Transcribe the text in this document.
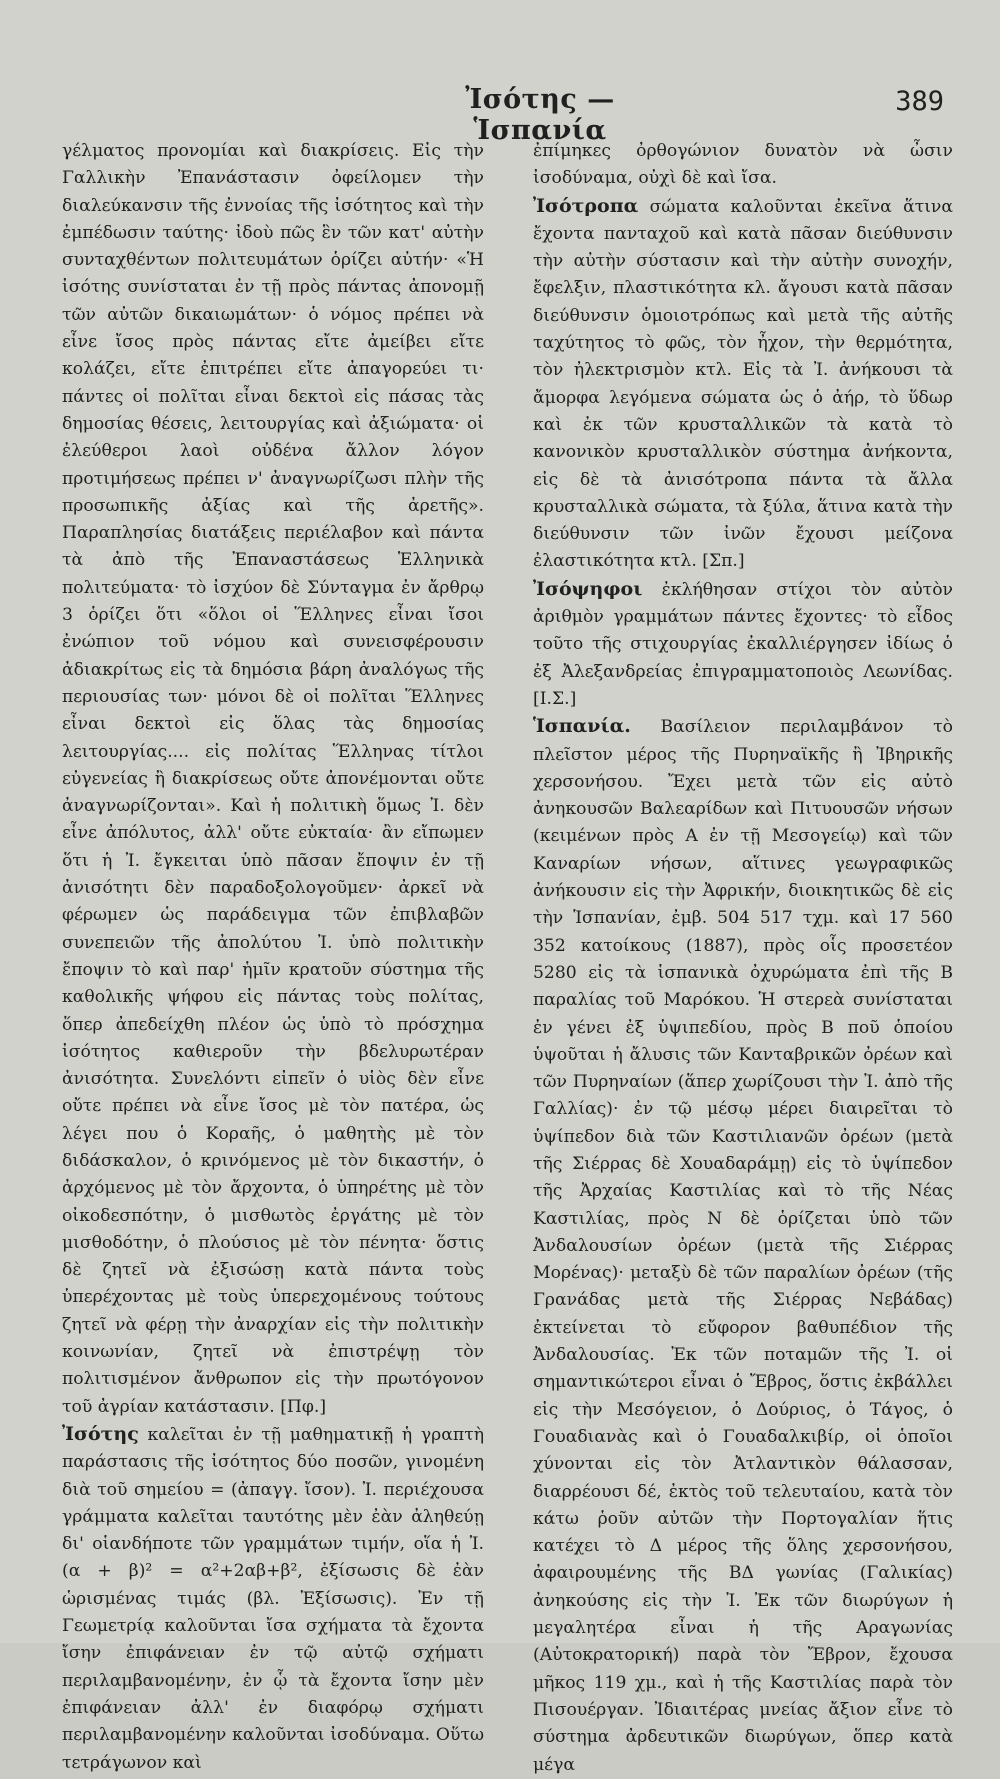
Ἰσότης — Ἱσπανία
389

γέλματος προνομίαι καὶ διακρίσεις. Εἰς τὴν Γαλλικὴν Ἐπανάστασιν ὀφείλομεν τὴν διαλεύκανσιν τῆς ἐννοίας τῆς ἰσότητος καὶ τὴν ἐμπέδωσιν ταύτης· ἰδοὺ πῶς ἓν τῶν κατ' αὐτὴν συνταχθέντων πολιτευμάτων ὁρίζει αὐτήν· «Ἡ ἰσότης συνίσταται ἐν τῇ πρὸς πάντας ἀπονομῇ τῶν αὐτῶν δικαιωμάτων· ὁ νόμος πρέπει νὰ εἶνε ἴσος πρὸς πάντας εἴτε ἀμείβει εἴτε κολάζει, εἴτε ἐπιτρέπει εἴτε ἀπαγορεύει τι· πάντες οἱ πολῖται εἶναι δεκτοὶ εἰς πάσας τὰς δημοσίας θέσεις, λειτουργίας καὶ ἀξιώματα· οἱ ἐλεύθεροι λαοὶ οὐδένα ἄλλον λόγον προτιμήσεως πρέπει ν' ἀναγνωρίζωσι πλὴν τῆς προσωπικῆς ἀξίας καὶ τῆς ἀρετῆς». Παραπλησίας διατάξεις περιέλαβον καὶ πάντα τὰ ἀπὸ τῆς Ἐπαναστάσεως Ἑλληνικὰ πολιτεύματα· τὸ ἰσχύον δὲ Σύνταγμα ἐν ἄρθρῳ 3 ὁρίζει ὅτι «ὅλοι οἱ Ἕλληνες εἶναι ἴσοι ἐνώπιον τοῦ νόμου καὶ συνεισφέρουσιν ἀδιακρίτως εἰς τὰ δημόσια βάρη ἀναλόγως τῆς περιουσίας των· μόνοι δὲ οἱ πολῖται Ἕλληνες εἶναι δεκτοὶ εἰς ὅλας τὰς δημοσίας λειτουργίας.... εἰς πολίτας Ἕλληνας τίτλοι εὐγενείας ἢ διακρίσεως οὔτε ἀπονέμονται οὔτε ἀναγνωρίζονται». Καὶ ἡ πολιτικὴ ὅμως Ἰ. δὲν εἶνε ἀπόλυτος, ἀλλ' οὔτε εὐκταία· ἂν εἴπωμεν ὅτι ἡ Ἰ. ἔγκειται ὑπὸ πᾶσαν ἔποψιν ἐν τῇ ἀνισότητι δὲν παραδοξολογοῦμεν· ἀρκεῖ νὰ φέρωμεν ὡς παράδειγμα τῶν ἐπιβλαβῶν συνεπειῶν τῆς ἀπολύτου Ἰ. ὑπὸ πολιτικὴν ἔποψιν τὸ καὶ παρ' ἡμῖν κρατοῦν σύστημα τῆς καθολικῆς ψήφου εἰς πάντας τοὺς πολίτας, ὅπερ ἀπεδείχθη πλέον ὡς ὑπὸ τὸ πρόσχημα ἰσότητος καθιεροῦν τὴν βδελυρωτέραν ἀνισότητα. Συνελόντι εἰπεῖν ὁ υἱὸς δὲν εἶνε οὔτε πρέπει νὰ εἶνε ἴσος μὲ τὸν πατέρα, ὡς λέγει που ὁ Κοραῆς, ὁ μαθητὴς μὲ τὸν διδάσκαλον, ὁ κρινόμενος μὲ τὸν δικαστήν, ὁ ἀρχόμενος μὲ τὸν ἄρχοντα, ὁ ὑπηρέτης μὲ τὸν οἰκοδεσπότην, ὁ μισθωτὸς ἐργάτης μὲ τὸν μισθοδότην, ὁ πλούσιος μὲ τὸν πένητα· ὅστις δὲ ζητεῖ νὰ ἐξισώσῃ κατὰ πάντα τοὺς ὑπερέχοντας μὲ τοὺς ὑπερεχομένους τούτους ζητεῖ νὰ φέρῃ τὴν ἀναρχίαν εἰς τὴν πολιτικὴν κοινωνίαν, ζητεῖ νὰ ἐπιστρέψῃ τὸν πολιτισμένον ἄνθρωπον εἰς τὴν πρωτόγονον τοῦ ἀγρίαν κατάστασιν. [Πφ.]

Ἰσότης καλεῖται ἐν τῇ μαθηματικῇ ἡ γραπτὴ παράστασις τῆς ἰσότητος δύο ποσῶν, γινομένη διὰ τοῦ σημείου = (ἀπαγγ. ἴσον). Ἰ. περιέχουσα γράμματα καλεῖται ταυτότης μὲν ἐὰν ἀληθεύῃ δι' οἱανδήποτε τῶν γραμμάτων τιμήν, οἵα ἡ Ἰ. (α + β)² = α²+2αβ+β², ἐξίσωσις δὲ ἐὰν ὡρισμένας τιμάς (βλ. Ἐξίσωσις). Ἐν τῇ Γεωμετρίᾳ καλοῦνται ἴσα σχήματα τὰ ἔχοντα ἴσην ἐπιφάνειαν ἐν τῷ αὐτῷ σχήματι περιλαμβανομένην, ἐν ᾧ τὰ ἔχοντα ἴσην μὲν ἐπιφάνειαν ἀλλ' ἐν διαφόρῳ σχήματι περιλαμβανομένην καλοῦνται ἰσοδύναμα. Οὕτω τετράγωνον καὶ

ἐπίμηκες ὀρθογώνιον δυνατὸν νὰ ὦσιν ἰσοδύναμα, οὐχὶ δὲ καὶ ἴσα.

Ἰσότροπα σώματα καλοῦνται ἐκεῖνα ἅτινα ἔχοντα πανταχοῦ καὶ κατὰ πᾶσαν διεύθυνσιν τὴν αὐτὴν σύστασιν καὶ τὴν αὐτὴν συνοχήν, ἔφελξιν, πλαστικότητα κλ. ἄγουσι κατὰ πᾶσαν διεύθυνσιν ὁμοιοτρόπως καὶ μετὰ τῆς αὐτῆς ταχύτητος τὸ φῶς, τὸν ἦχον, τὴν θερμότητα, τὸν ἠλεκτρισμὸν κτλ. Εἰς τὰ Ἰ. ἀνήκουσι τὰ ἄμορφα λεγόμενα σώματα ὡς ὁ ἀήρ, τὸ ὕδωρ καὶ ἐκ τῶν κρυσταλλικῶν τὰ κατὰ τὸ κανονικὸν κρυσταλλικὸν σύστημα ἀνήκοντα, εἰς δὲ τὰ ἀνισότροπα πάντα τὰ ἄλλα κρυσταλλικὰ σώματα, τὰ ξύλα, ἅτινα κατὰ τὴν διεύθυνσιν τῶν ἰνῶν ἔχουσι μείζονα ἐλαστικότητα κτλ. [Σπ.]

Ἰσόψηφοι ἐκλήθησαν στίχοι τὸν αὐτὸν ἀριθμὸν γραμμάτων πάντες ἔχοντες· τὸ εἶδος τοῦτο τῆς στιχουργίας ἐκαλλιέργησεν ἰδίως ὁ ἐξ Ἀλεξανδρείας ἐπιγραμματοποιὸς Λεωνίδας. [Ι.Σ.]

Ἱσπανία. Βασίλειον περιλαμβάνον τὸ πλεῖστον μέρος τῆς Πυρηναϊκῆς ἢ Ἰβηρικῆς χερσονήσου. Ἔχει μετὰ τῶν εἰς αὐτὸ ἀνηκουσῶν Βαλεαρίδων καὶ Πιτυουσῶν νήσων (κειμένων πρὸς Α ἐν τῇ Μεσογείῳ) καὶ τῶν Καναρίων νήσων, αἵτινες γεωγραφικῶς ἀνήκουσιν εἰς τὴν Ἀφρικήν, διοικητικῶς δὲ εἰς τὴν Ἱσπανίαν, ἐμβ. 504 517 τχμ. καὶ 17 560 352 κατοίκους (1887), πρὸς οἷς προσετέον 5280 εἰς τὰ ἱσπανικὰ ὀχυρώματα ἐπὶ τῆς Β παραλίας τοῦ Μαρόκου. Ἡ στερεὰ συνίσταται ἐν γένει ἐξ ὑψιπεδίου, πρὸς Β ποῦ ὁποίου ὑψοῦται ἡ ἄλυσις τῶν Κανταβρικῶν ὀρέων καὶ τῶν Πυρηναίων (ἅπερ χωρίζουσι τὴν Ἰ. ἀπὸ τῆς Γαλλίας)· ἐν τῷ μέσῳ μέρει διαιρεῖται τὸ ὑψίπεδον διὰ τῶν Καστιλιανῶν ὀρέων (μετὰ τῆς Σιέρρας δὲ Χουαδαράμῃ) εἰς τὸ ὑψίπεδον τῆς Ἀρχαίας Καστιλίας καὶ τὸ τῆς Νέας Καστιλίας, πρὸς Ν δὲ ὁρίζεται ὑπὸ τῶν Ἀνδαλουσίων ὀρέων (μετὰ τῆς Σιέρρας Μορένας)· μεταξὺ δὲ τῶν παραλίων ὀρέων (τῆς Γρανάδας μετὰ τῆς Σιέρρας Νεβάδας) ἐκτείνεται τὸ εὔφορον βαθυπέδιον τῆς Ἀνδαλουσίας. Ἐκ τῶν ποταμῶν τῆς Ἰ. οἱ σημαντικώτεροι εἶναι ὁ Ἔβρος, ὅστις ἐκβάλλει εἰς τὴν Μεσόγειον, ὁ Δούριος, ὁ Τάγος, ὁ Γουαδιανὰς καὶ ὁ Γουαδαλκιβίρ, οἱ ὁποῖοι χύνονται εἰς τὸν Ἀτλαντικὸν θάλασσαν, διαρρέουσι δέ, ἐκτὸς τοῦ τελευταίου, κατὰ τὸν κάτω ῥοῦν αὐτῶν τὴν Πορτογαλίαν ἥτις κατέχει τὸ Δ μέρος τῆς ὅλης χερσονήσου, ἀφαιρουμένης τῆς ΒΔ γωνίας (Γαλικίας) ἀνηκούσης εἰς τὴν Ἰ. Ἐκ τῶν διωρύγων ἡ μεγαλητέρα εἶναι ἡ τῆς Αραγωνίας (Αὐτοκρατορική) παρὰ τὸν Ἔβρον, ἔχουσα μῆκος 119 χμ., καὶ ἡ τῆς Καστιλίας παρὰ τὸν Πισουέργαν. Ἰδιαιτέρας μνείας ἄξιον εἶνε τὸ σύστημα ἀρδευτικῶν διωρύγων, ὅπερ κατὰ μέγα
